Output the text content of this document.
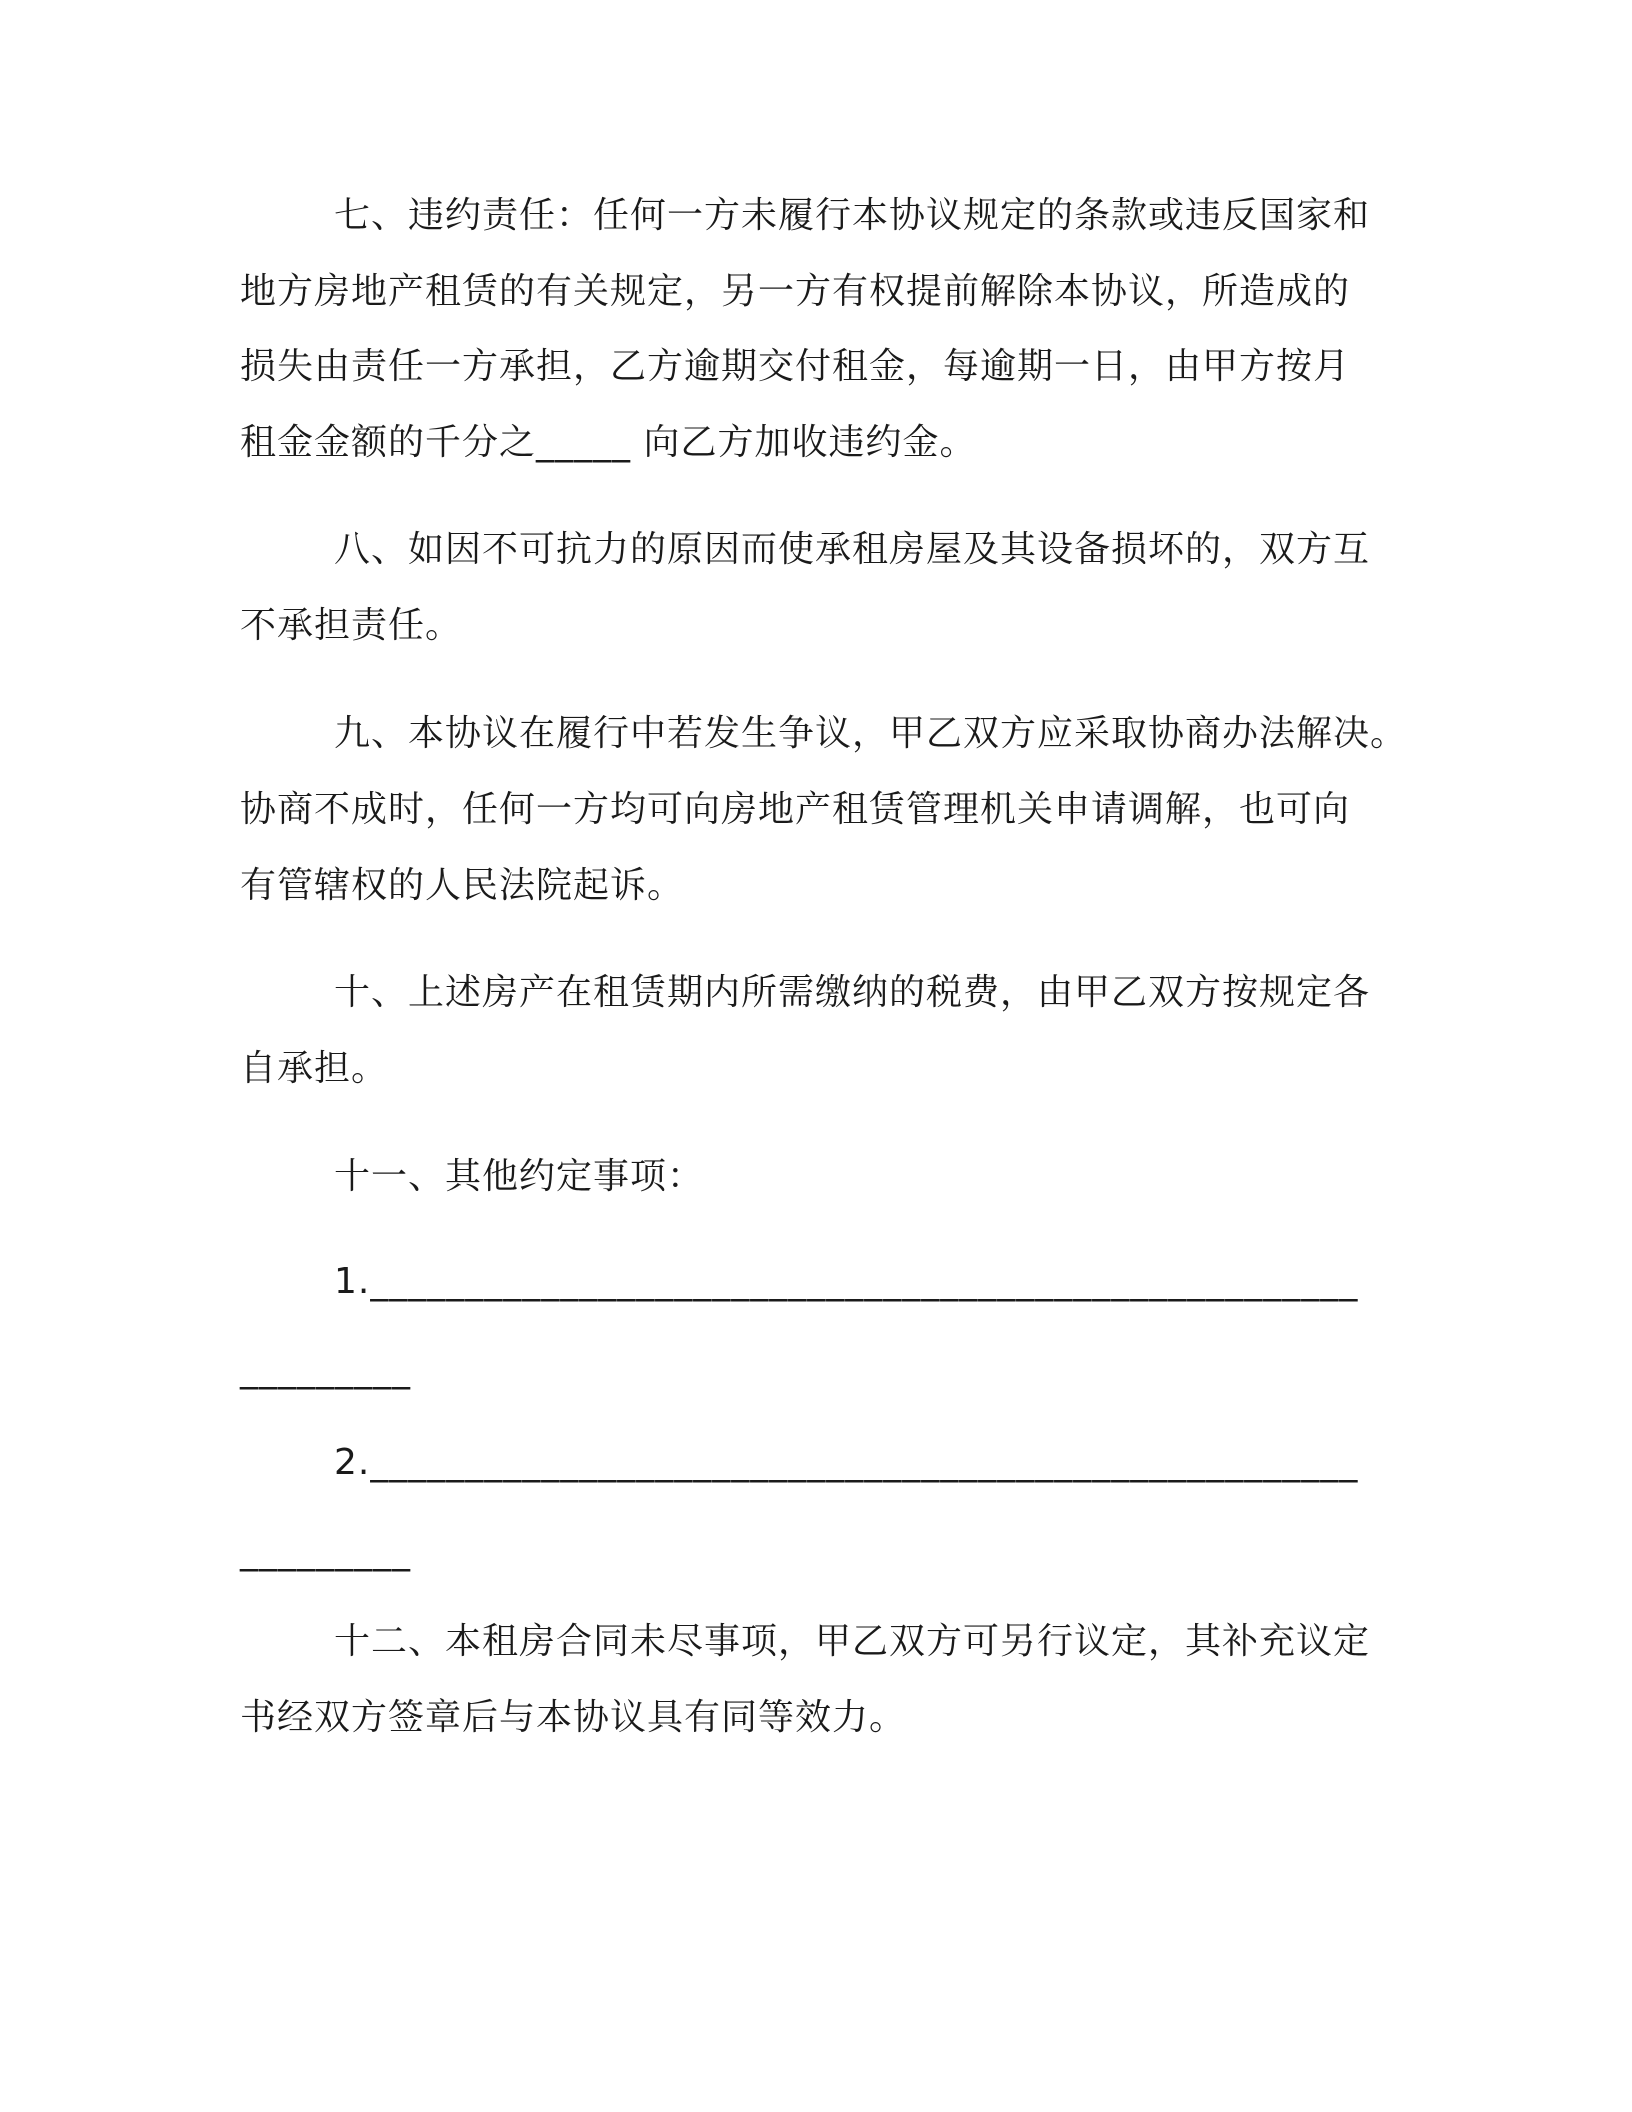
七、违约责任：任何一方未履行本协议规定的条款或违反国家和
地方房地产租赁的有关规定，另一方有权提前解除本协议，所造成的
损失由责任一方承担，乙方逾期交付租金，每逾期一日，由甲方按月
租金金额的千分之_____ 向乙方加收违约金。
八、如因不可抗力的原因而使承租房屋及其设备损坏的，双方互
不承担责任。
九、本协议在履行中若发生争议，甲乙双方应采取协商办法解决。
协商不成时，任何一方均可向房地产租赁管理机关申请调解，也可向
有管辖权的人民法院起诉。
十、上述房产在租赁期内所需缴纳的税费，由甲乙双方按规定各
自承担。
十一、其他约定事项：
1.____________________________________________________
_________
2.____________________________________________________
_________
十二、本租房合同未尽事项，甲乙双方可另行议定，其补充议定
书经双方签章后与本协议具有同等效力。
